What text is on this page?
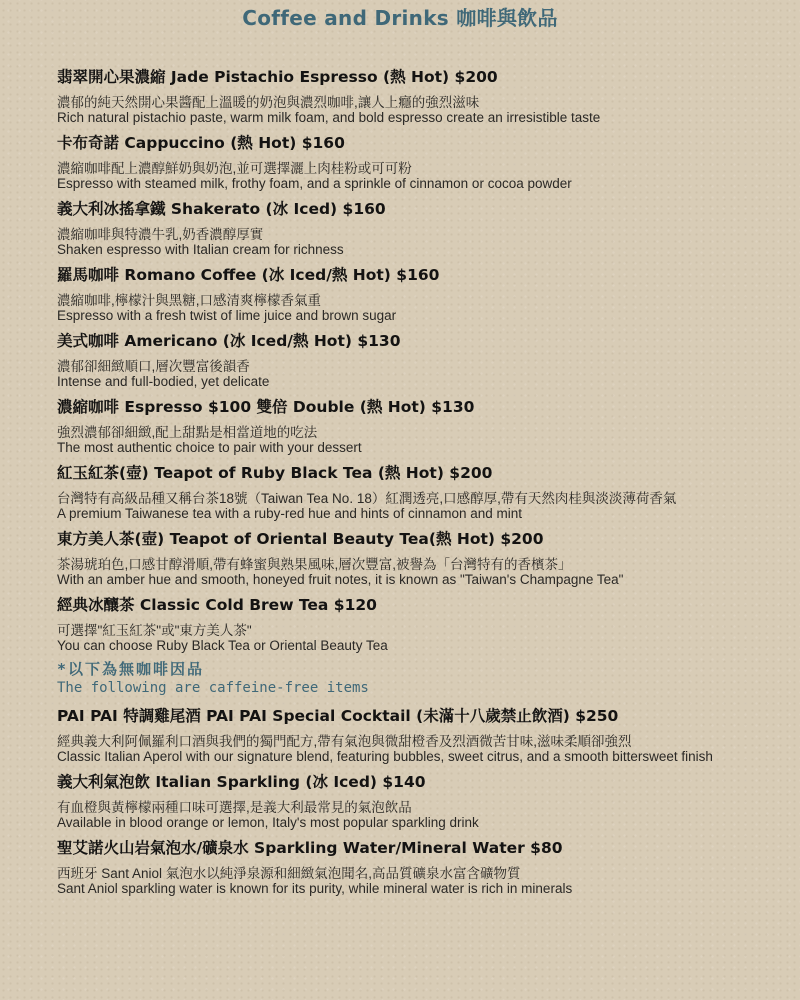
Coffee and Drinks 咖啡與飲品
翡翠開心果濃縮 Jade Pistachio Espresso (熱 Hot) $200
濃郁的純天然開心果醬配上溫暖的奶泡與濃烈咖啡,讓人上癮的強烈滋味
Rich natural pistachio paste, warm milk foam, and bold espresso create an irresistible taste
卡布奇諾 Cappuccino (熱 Hot) $160
濃縮咖啡配上濃醇鮮奶與奶泡,並可選擇灑上肉桂粉或可可粉
Espresso with steamed milk, frothy foam, and a sprinkle of cinnamon or cocoa powder
義大利冰搖拿鐵 Shakerato (冰 Iced) $160
濃縮咖啡與特濃牛乳,奶香濃醇厚實
Shaken espresso with Italian cream for richness
羅馬咖啡 Romano Coffee (冰 Iced/熱 Hot) $160
濃縮咖啡,檸檬汁與黑糖,口感清爽檸檬香氣重
Espresso with a fresh twist of lime juice and brown sugar
美式咖啡 Americano (冰 Iced/熱 Hot) $130
濃郁卻細緻順口,層次豐富後韻香
Intense and full-bodied, yet delicate
濃縮咖啡 Espresso $100 雙倍 Double (熱 Hot) $130
強烈濃郁卻細緻,配上甜點是相當道地的吃法
The most authentic choice to pair with your dessert
紅玉紅茶(壺) Teapot of Ruby Black Tea (熱 Hot) $200
台灣特有高級品種又稱台茶18號（Taiwan Tea No. 18）紅潤透亮,口感醇厚,帶有天然肉桂與淡淡薄荷香氣
A premium Taiwanese tea with a ruby-red hue and hints of cinnamon and mint
東方美人茶(壺) Teapot of Oriental Beauty Tea(熱 Hot) $200
茶湯琥珀色,口感甘醇滑順,帶有蜂蜜與熟果風味,層次豐富,被譽為「台灣特有的香檳茶」
With an amber hue and smooth, honeyed fruit notes, it is known as "Taiwan's Champagne Tea"
經典冰釀茶 Classic Cold Brew Tea $120
可選擇"紅玉紅茶"或"東方美人茶"
You can choose Ruby Black Tea or Oriental Beauty Tea
*以下為無咖啡因品
The following are caffeine-free items
PAI PAI 特調雞尾酒 PAI PAI Special Cocktail (未滿十八歲禁止飲酒) $250
經典義大利阿佩羅利口酒與我們的獨門配方,帶有氣泡與微甜橙香及烈酒微苦甘味,滋味柔順卻強烈
Classic Italian Aperol with our signature blend, featuring bubbles, sweet citrus, and a smooth bittersweet finish
義大利氣泡飲 Italian Sparkling (冰 Iced) $140
有血橙與黃檸檬兩種口味可選擇,是義大利最常見的氣泡飲品
Available in blood orange or lemon, Italy's most popular sparkling drink
聖艾諾火山岩氣泡水/礦泉水 Sparkling Water/Mineral Water $80
西班牙 Sant Aniol 氣泡水以純淨泉源和細緻氣泡聞名,高品質礦泉水富含礦物質
Sant Aniol sparkling water is known for its purity, while mineral water is rich in minerals
